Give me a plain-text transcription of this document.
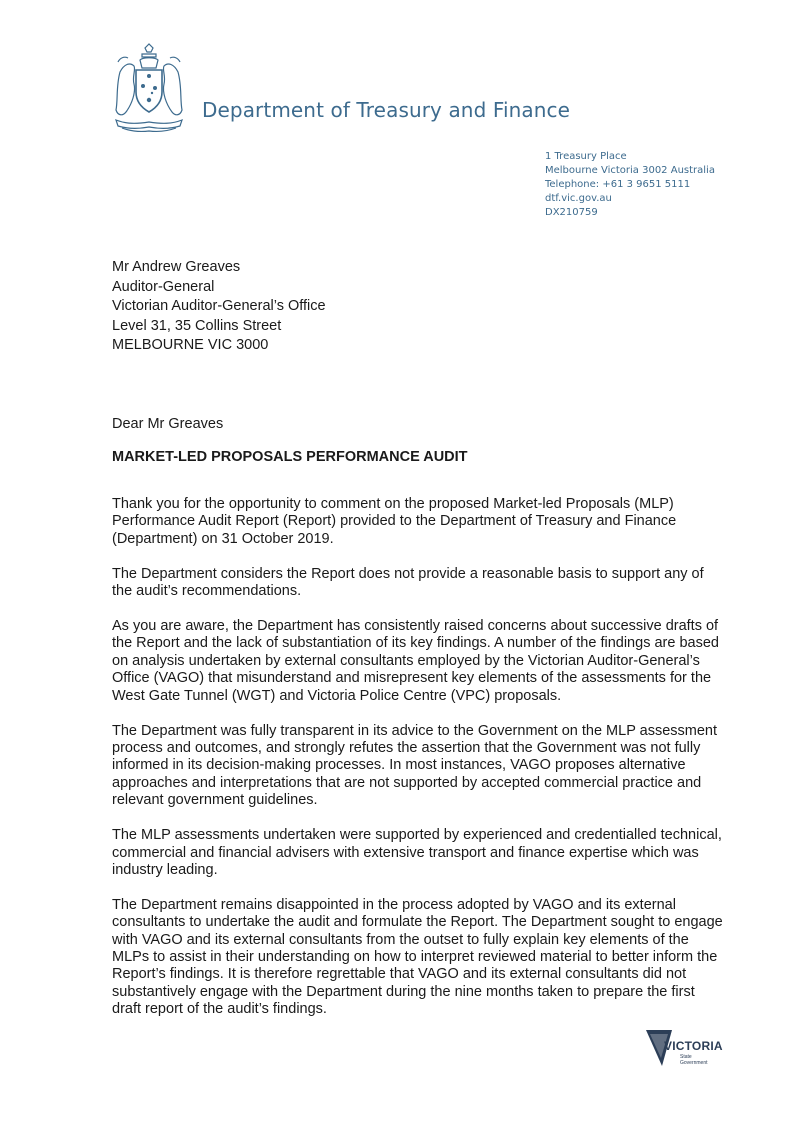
Department of Treasury and Finance
1 Treasury Place
Melbourne Victoria 3002 Australia
Telephone: +61 3 9651 5111
dtf.vic.gov.au
DX210759
Mr Andrew Greaves
Auditor-General
Victorian Auditor-General’s Office
Level 31, 35 Collins Street
MELBOURNE VIC 3000
Dear Mr Greaves
MARKET-LED PROPOSALS PERFORMANCE AUDIT

Thank you for the opportunity to comment on the proposed Market-led Proposals (MLP) Performance Audit Report (Report) provided to the Department of Treasury and Finance (Department) on 31 October 2019.

The Department considers the Report does not provide a reasonable basis to support any of the audit’s recommendations.

As you are aware, the Department has consistently raised concerns about successive drafts of the Report and the lack of substantiation of its key findings. A number of the findings are based on analysis undertaken by external consultants employed by the Victorian Auditor-General’s Office (VAGO) that misunderstand and misrepresent key elements of the assessments for the West Gate Tunnel (WGT) and Victoria Police Centre (VPC) proposals.

The Department was fully transparent in its advice to the Government on the MLP assessment process and outcomes, and strongly refutes the assertion that the Government was not fully informed in its decision-making processes. In most instances, VAGO proposes alternative approaches and interpretations that are not supported by accepted commercial practice and relevant government guidelines.

The MLP assessments undertaken were supported by experienced and credentialled technical, commercial and financial advisers with extensive transport and finance expertise which was industry leading.

The Department remains disappointed in the process adopted by VAGO and its external consultants to undertake the audit and formulate the Report. The Department sought to engage with VAGO and its external consultants from the outset to fully explain key elements of the MLPs to assist in their understanding on how to interpret reviewed material to better inform the Report’s findings. It is therefore regrettable that VAGO and its external consultants did not substantively engage with the Department during the nine months taken to prepare the first draft report of the audit’s findings.

VICTORIA
State
Government
